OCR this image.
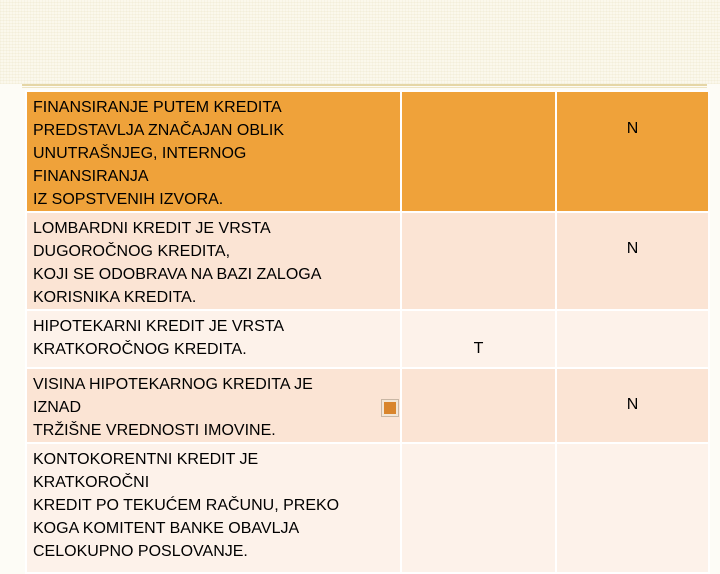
FINANSIRANJE PUTEM KREDITA
PREDSTAVLJA ZNAČAJAN OBLIK
UNUTRAŠNJEG, INTERNOG
FINANSIRANJA
IZ SOPSTVENIH IZVORA.		N
LOMBARDNI KREDIT JE VRSTA
DUGOROČNOG KREDITA,
KOJI SE ODOBRAVA NA BAZI ZALOGA
KORISNIKA KREDITA.		N
HIPOTEKARNI KREDIT JE VRSTA
KRATKOROČNOG KREDITA.	T	
VISINA HIPOTEKARNOG KREDITA JE
IZNAD
TRŽIŠNE VREDNOSTI IMOVINE.		N
KONTOKORENTNI KREDIT JE
KRATKOROČNI
KREDIT PO TEKUĆEM RAČUNU, PREKO
KOGA KOMITENT BANKE OBAVLJA
CELOKUPNO POSLOVANJE.		
